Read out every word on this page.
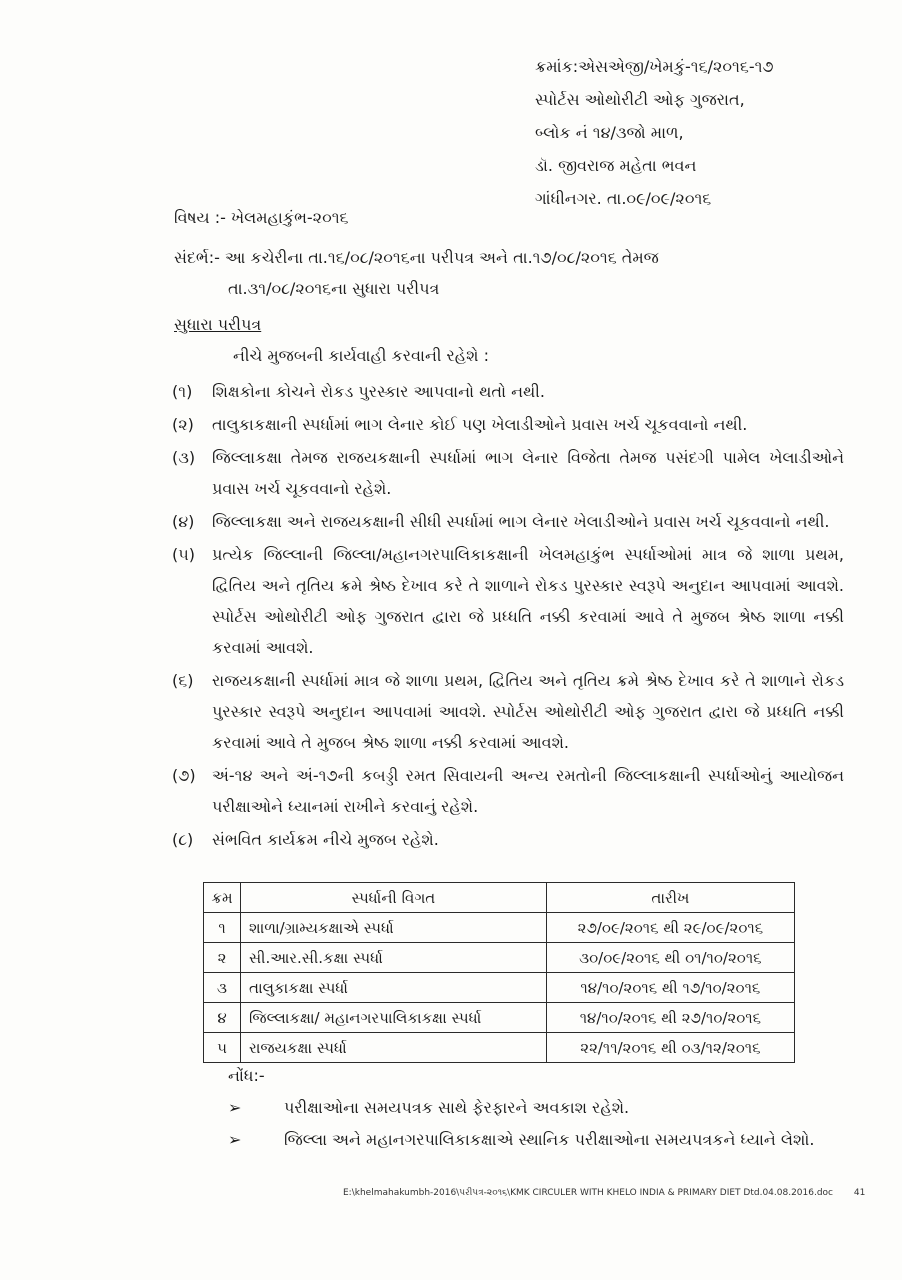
ક્રમાંક:એસએજી/ખેમકું-૧૬/૨૦૧૬-૧૭
સ્પોર્ટસ ઓથોરીટી ઓફ ગુજરાત,
બ્લોક નં ૧૪/૩જો માળ,
ડૉ. જીવરાજ મહેતા ભવન
ગાંધીનગર. તા.૦૯/૦૯/૨૦૧૬
વિષય :- ખેલમહાકુંભ-૨૦૧૬
સંદર્ભ:- આ કચેરીના તા.૧૬/૦૮/૨૦૧૬ના પરીપત્ર અને તા.૧૭/૦૮/૨૦૧૬ તેમજ
તા.૩૧/૦૮/૨૦૧૬ના સુધારા પરીપત્ર
સુધારા પરીપત્ર
નીચે મુજબની કાર્યવાહી કરવાની રહેશે :
(૧)	શિક્ષકોના કોચને રોકડ પુરસ્કાર આપવાનો થતો નથી.
(૨)	તાલુકાકક્ષાની સ્પર્ધામાં ભાગ લેનાર કોઈ પણ ખેલાડીઓને પ્રવાસ ખર્ચ ચૂકવવાનો નથી.
(૩)	જિલ્લાકક્ષા તેમજ રાજયકક્ષાની સ્પર્ધામાં ભાગ લેનાર વિજેતા તેમજ પસંદગી પામેલ ખેલાડીઓને પ્રવાસ ખર્ચ ચૂકવવાનો રહેશે.
(૪)	જિલ્લાકક્ષા અને રાજયકક્ષાની સીધી સ્પર્ધામાં ભાગ લેનાર ખેલાડીઓને પ્રવાસ ખર્ચ ચૂકવવાનો નથી.
(૫)	પ્રત્યેક જિલ્લાની જિલ્લા/મહાનગરપાલિકાકક્ષાની ખેલમહાકુંભ સ્પર્ધાઓમાં માત્ર જે શાળા પ્રથમ, દ્વિતિય અને તૃતિય ક્રમે શ્રેષ્ઠ દેખાવ કરે તે શાળાને રોકડ પુરસ્કાર સ્વરૂપે અનુદાન આપવામાં આવશે. સ્પોર્ટસ ઓથોરીટી ઓફ ગુજરાત દ્વારા જે પ્રધ્ધતિ નક્કી કરવામાં આવે તે મુજબ શ્રેષ્ઠ શાળા નક્કી કરવામાં આવશે.
(૬)	રાજયકક્ષાની સ્પર્ધામાં માત્ર જે શાળા પ્રથમ, દ્વિતિય અને તૃતિય ક્રમે શ્રેષ્ઠ દેખાવ કરે તે શાળાને રોકડ પુરસ્કાર સ્વરૂપે અનુદાન આપવામાં આવશે. સ્પોર્ટસ ઓથોરીટી ઓફ ગુજરાત દ્વારા જે પ્રધ્ધતિ નક્કી કરવામાં આવે તે મુજબ શ્રેષ્ઠ શાળા નક્કી કરવામાં આવશે.
(૭)	અં-૧૪ અને અં-૧૭ની કબડ્ડી રમત સિવાયની અન્ય રમતોની જિલ્લાકક્ષાની સ્પર્ધાઓનું આયોજન પરીક્ષાઓને ધ્યાનમાં રાખીને કરવાનું રહેશે.
(૮)	સંભવિત કાર્યક્રમ નીચે મુજબ રહેશે.
ક્રમ	સ્પર્ધાની વિગત	તારીખ
૧	શાળા/ગ્રામ્યકક્ષાએ સ્પર્ધા	૨૭/૦૯/૨૦૧૬ થી ૨૯/૦૯/૨૦૧૬
૨	સી.આર.સી.કક્ષા સ્પર્ધા	૩૦/૦૯/૨૦૧૬ થી ૦૧/૧૦/૨૦૧૬
૩	તાલુકાકક્ષા સ્પર્ધા	૧૪/૧૦/૨૦૧૬ થી ૧૭/૧૦/૨૦૧૬
૪	જિલ્લાકક્ષા/ મહાનગરપાલિકાકક્ષા સ્પર્ધા	૧૪/૧૦/૨૦૧૬ થી ૨૭/૧૦/૨૦૧૬
૫	રાજયકક્ષા સ્પર્ધા	૨૨/૧૧/૨૦૧૬ થી ૦૩/૧૨/૨૦૧૬
નોંધ:-
➢	પરીક્ષાઓના સમયપત્રક સાથે ફેરફારને અવકાશ રહેશે.
➢	જિલ્લા અને મહાનગરપાલિકાકક્ષાએ સ્થાનિક પરીક્ષાઓના સમયપત્રકને ધ્યાને લેશો.
E:\khelmahakumbh-2016\પરીપત્ર-૨૦૧૬\KMK CIRCULER WITH KHELO INDIA & PRIMARY DIET Dtd.04.08.2016.doc 41
